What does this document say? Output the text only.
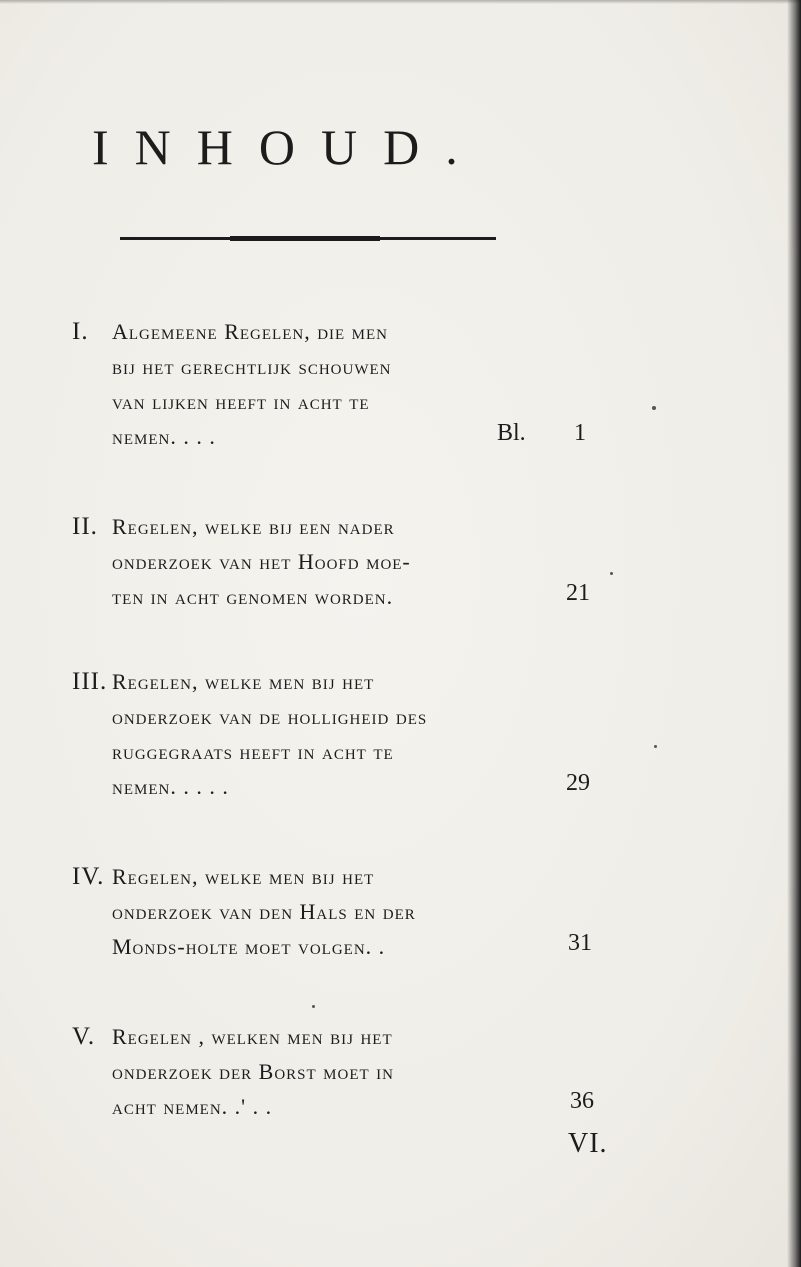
INHOUD.
I. Algemeene Regelen, die men
bij het gerechtlijk schouwen
van lijken heeft in acht te
nemen. . . .	Bl. 1
II. Regelen, welke bij een nader
onderzoek van het Hoofd moe-
ten in acht genomen worden.	21
III. Regelen, welke men bij het
onderzoek van de holligheid des
ruggegraats heeft in acht te
nemen. . . . .	29
IV. Regelen, welke men bij het
onderzoek van den Hals en der
Monds-holte moet volgen. .	31
V. Regelen , welken men bij het
onderzoek der Borst moet in
acht nemen. .' . .	36
VI.
